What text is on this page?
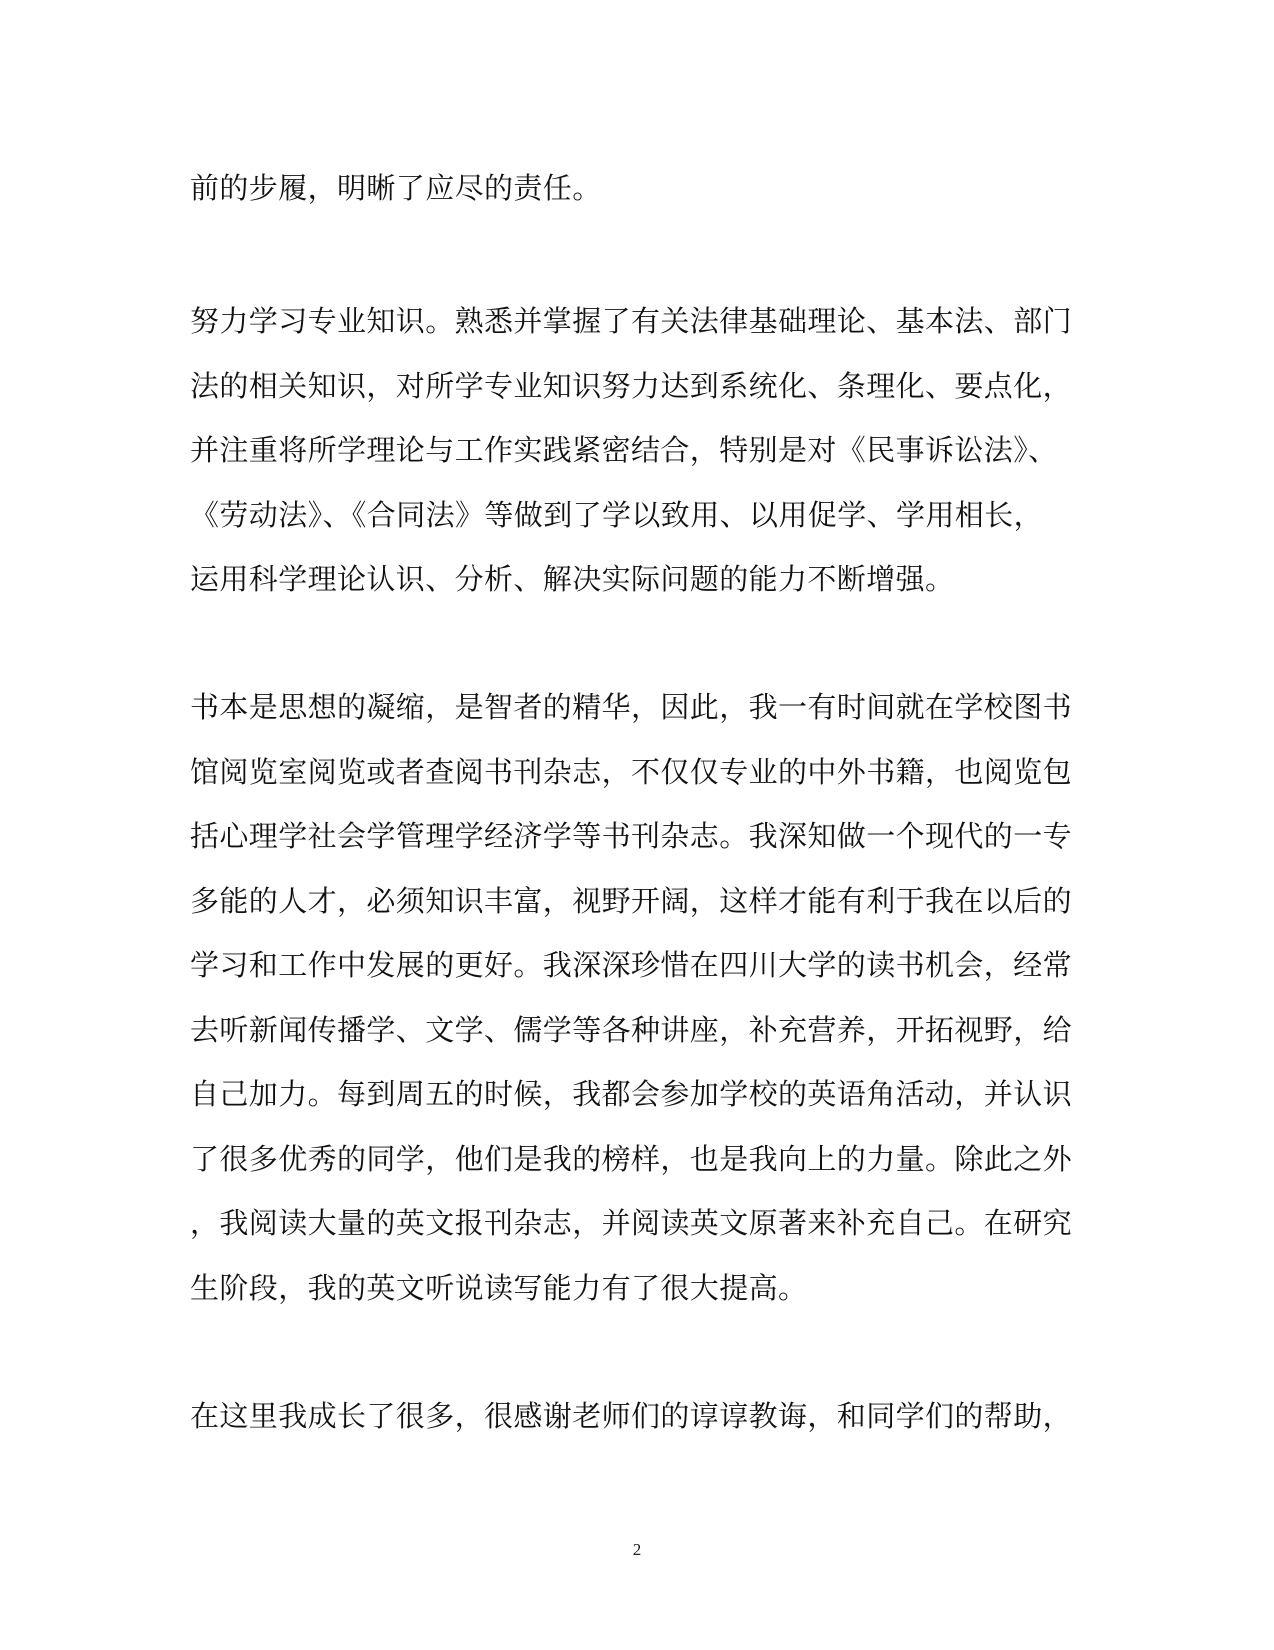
前的步履，明晰了应尽的责任。
努力学习专业知识。熟悉并掌握了有关法律基础理论、基本法、部门
法的相关知识，对所学专业知识努力达到系统化、条理化、要点化，
并注重将所学理论与工作实践紧密结合，特别是对《民事诉讼法》、
《劳动法》、《合同法》等做到了学以致用、以用促学、学用相长，
运用科学理论认识、分析、解决实际问题的能力不断增强。
书本是思想的凝缩，是智者的精华，因此，我一有时间就在学校图书
馆阅览室阅览或者查阅书刊杂志，不仅仅专业的中外书籍，也阅览包
括心理学社会学管理学经济学等书刊杂志。我深知做一个现代的一专
多能的人才，必须知识丰富，视野开阔，这样才能有利于我在以后的
学习和工作中发展的更好。我深深珍惜在四川大学的读书机会，经常
去听新闻传播学、文学、儒学等各种讲座，补充营养，开拓视野，给
自己加力。每到周五的时候，我都会参加学校的英语角活动，并认识
了很多优秀的同学，他们是我的榜样，也是我向上的力量。除此之外
，我阅读大量的英文报刊杂志，并阅读英文原著来补充自己。在研究
生阶段，我的英文听说读写能力有了很大提高。
在这里我成长了很多，很感谢老师们的谆谆教诲，和同学们的帮助，
2
